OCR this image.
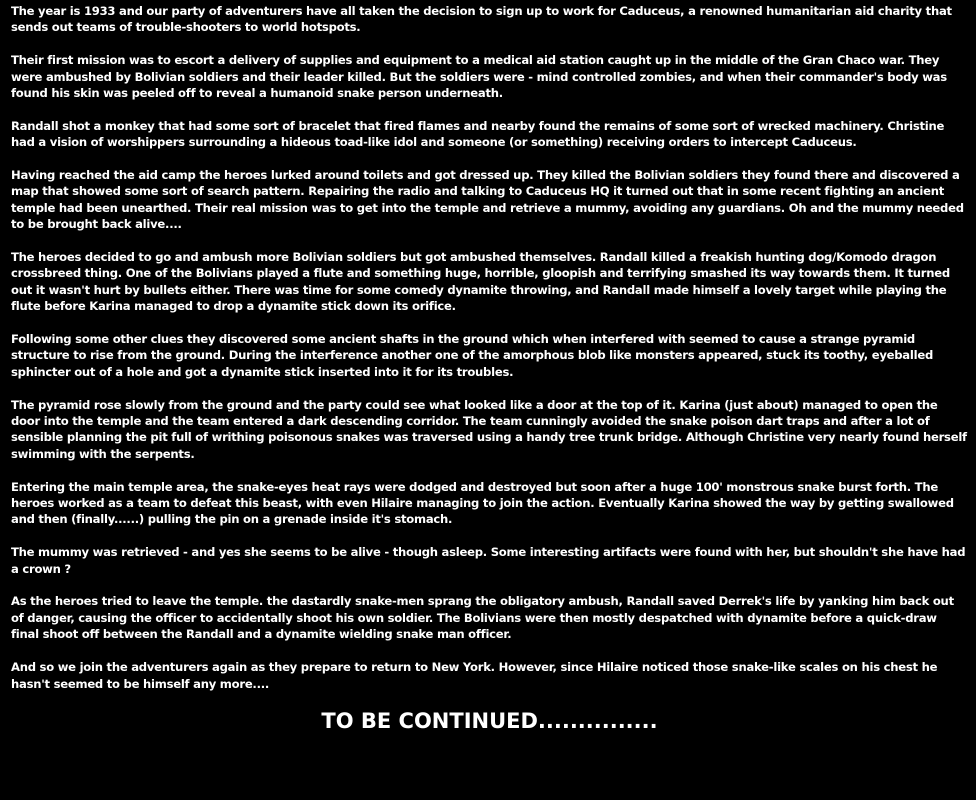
The year is 1933 and our party of adventurers have all taken the decision to sign up to work for Caduceus, a renowned humanitarian aid charity that sends out teams of trouble-shooters to world hotspots.

Their first mission was to escort a delivery of supplies and equipment to a medical aid station caught up in the middle of the Gran Chaco war. They were ambushed by Bolivian soldiers and their leader killed. But the soldiers were - mind controlled zombies, and when their commander's body was found his skin was peeled off to reveal a humanoid snake person underneath.

Randall shot a monkey that had some sort of bracelet that fired flames and nearby found the remains of some sort of wrecked machinery. Christine had a vision of worshippers surrounding a hideous toad-like idol and someone (or something) receiving orders to intercept Caduceus.

Having reached the aid camp the heroes lurked around toilets and got dressed up. They killed the Bolivian soldiers they found there and discovered a map that showed some sort of search pattern. Repairing the radio and talking to Caduceus HQ it turned out that in some recent fighting an ancient temple had been unearthed. Their real mission was to get into the temple and retrieve a mummy, avoiding any guardians. Oh and the mummy needed to be brought back alive....

The heroes decided to go and ambush more Bolivian soldiers but got ambushed themselves. Randall killed a freakish hunting dog/Komodo dragon crossbreed thing. One of the Bolivians played a flute and something huge, horrible, gloopish and terrifying smashed its way towards them. It turned out it wasn't hurt by bullets either. There was time for some comedy dynamite throwing, and Randall made himself a lovely target while playing the flute before Karina managed to drop a dynamite stick down its orifice.

Following some other clues they discovered some ancient shafts in the ground which when interfered with seemed to cause a strange pyramid structure to rise from the ground. During the interference another one of the amorphous blob like monsters appeared, stuck its toothy, eyeballed sphincter out of a hole and got a dynamite stick inserted into it for its troubles.

The pyramid rose slowly from the ground and the party could see what looked like a door at the top of it. Karina (just about) managed to open the door into the temple and the team entered a dark descending corridor. The team cunningly avoided the snake poison dart traps and after a lot of sensible planning the pit full of writhing poisonous snakes was traversed using a handy tree trunk bridge. Although Christine very nearly found herself swimming with the serpents.

Entering the main temple area, the snake-eyes heat rays were dodged and destroyed but soon after a huge 100' monstrous snake burst forth. The heroes worked as a team to defeat this beast, with even Hilaire managing to join the action. Eventually Karina showed the way by getting swallowed and then (finally......) pulling the pin on a grenade inside it's stomach.

The mummy was retrieved - and yes she seems to be alive - though asleep. Some interesting artifacts were found with her, but shouldn't she have had a crown ?

As the heroes tried to leave the temple. the dastardly snake-men sprang the obligatory ambush, Randall saved Derrek's life by yanking him back out of danger, causing the officer to accidentally shoot his own soldier. The Bolivians were then mostly despatched with dynamite before a quick-draw final shoot off between the Randall and a dynamite wielding snake man officer.

And so we join the adventurers again as they prepare to return to New York. However, since Hilaire noticed those snake-like scales on his chest he hasn't seemed to be himself any more....

TO BE CONTINUED...............
